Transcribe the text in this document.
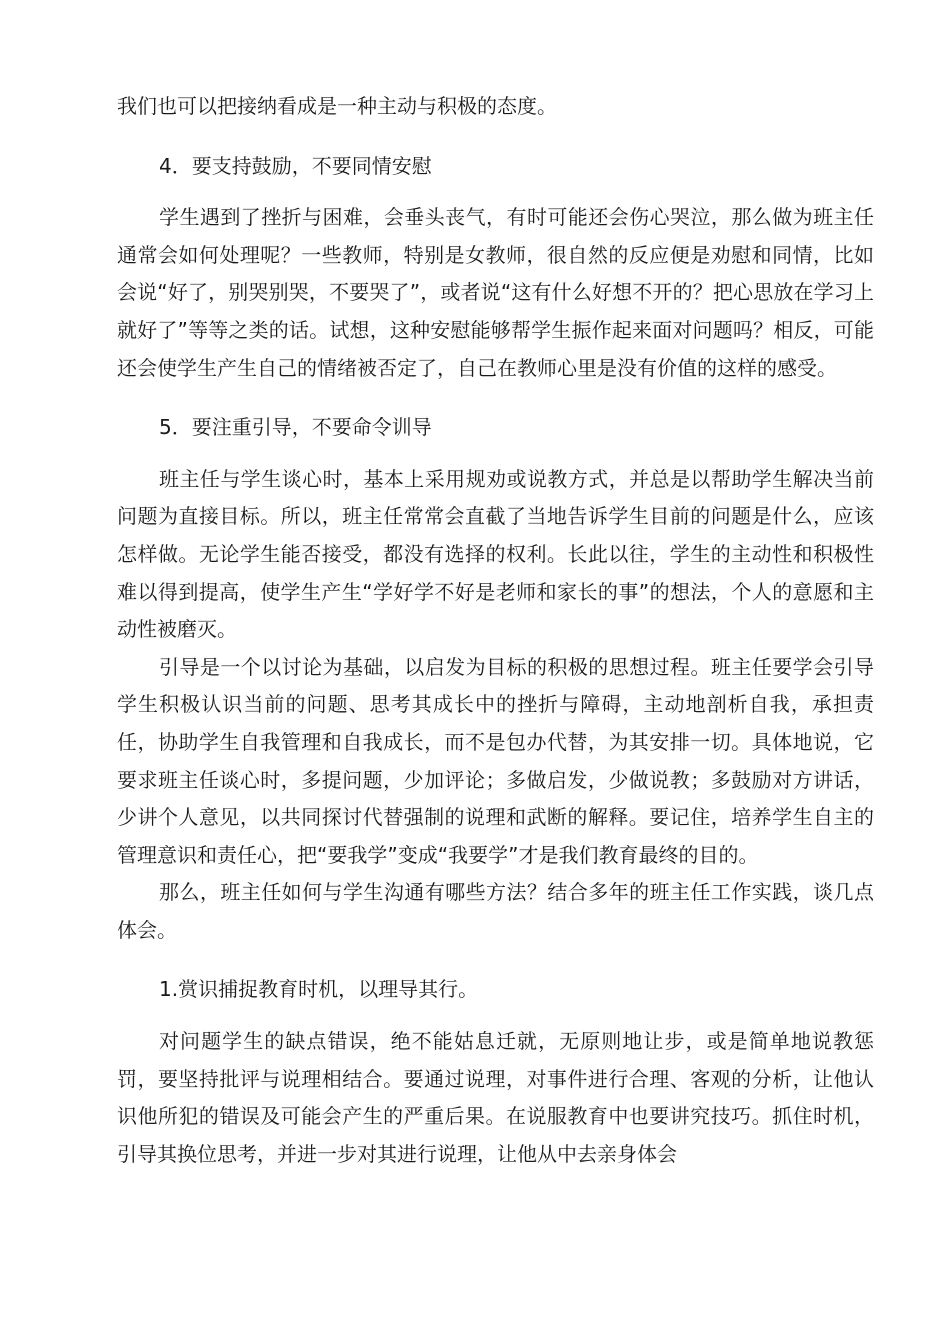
我们也可以把接纳看成是一种主动与积极的态度。

4．要支持鼓励，不要同情安慰

学生遇到了挫折与困难，会垂头丧气，有时可能还会伤心哭泣，那么做为班主任通常会如何处理呢？一些教师，特别是女教师，很自然的反应便是劝慰和同情，比如会说“好了，别哭别哭，不要哭了”，或者说“这有什么好想不开的？把心思放在学习上就好了”等等之类的话。试想，这种安慰能够帮学生振作起来面对问题吗？相反，可能还会使学生产生自己的情绪被否定了，自己在教师心里是没有价值的这样的感受。

5．要注重引导，不要命令训导

班主任与学生谈心时，基本上采用规劝或说教方式，并总是以帮助学生解决当前问题为直接目标。所以，班主任常常会直截了当地告诉学生目前的问题是什么，应该怎样做。无论学生能否接受，都没有选择的权利。长此以往，学生的主动性和积极性难以得到提高，使学生产生“学好学不好是老师和家长的事”的想法，个人的意愿和主动性被磨灭。

引导是一个以讨论为基础，以启发为目标的积极的思想过程。班主任要学会引导学生积极认识当前的问题、思考其成长中的挫折与障碍，主动地剖析自我，承担责任，协助学生自我管理和自我成长，而不是包办代替，为其安排一切。具体地说，它要求班主任谈心时，多提问题，少加评论；多做启发，少做说教；多鼓励对方讲话，少讲个人意见，以共同探讨代替强制的说理和武断的解释。要记住，培养学生自主的管理意识和责任心，把“要我学”变成“我要学”才是我们教育最终的目的。

那么，班主任如何与学生沟通有哪些方法？结合多年的班主任工作实践，谈几点体会。

1.赏识捕捉教育时机，以理导其行。

对问题学生的缺点错误，绝不能姑息迁就，无原则地让步，或是简单地说教惩罚，要坚持批评与说理相结合。要通过说理，对事件进行合理、客观的分析，让他认识他所犯的错误及可能会产生的严重后果。在说服教育中也要讲究技巧。抓住时机，引导其换位思考，并进一步对其进行说理，让他从中去亲身体会
